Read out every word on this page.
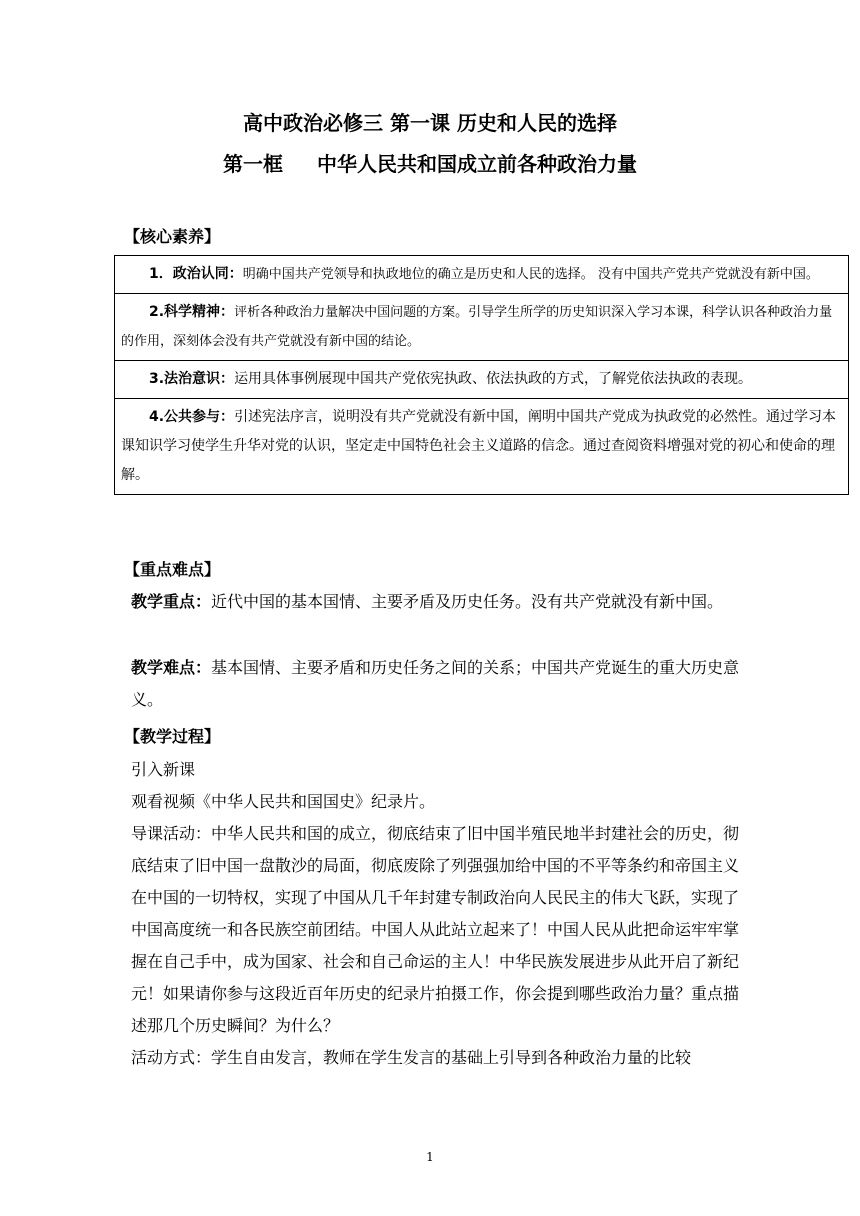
高中政治必修三 第一课 历史和人民的选择
第一框 中华人民共和国成立前各种政治力量
【核心素养】
1．政治认同：明确中国共产党领导和执政地位的确立是历史和人民的选择。 没有中国共产党共产党就没有新中国。
2.科学精神：评析各种政治力量解决中国问题的方案。引导学生所学的历史知识深入学习本课，科学认识各种政治力量的作用，深刻体会没有共产党就没有新中国的结论。
3.法治意识：运用具体事例展现中国共产党依宪执政、依法执政的方式，了解党依法执政的表现。
4.公共参与：引述宪法序言，说明没有共产党就没有新中国，阐明中国共产党成为执政党的必然性。通过学习本课知识学习使学生升华对党的认识，坚定走中国特色社会主义道路的信念。通过查阅资料增强对党的初心和使命的理解。
【重点难点】
教学重点：近代中国的基本国情、主要矛盾及历史任务。没有共产党就没有新中国。
教学难点：基本国情、主要矛盾和历史任务之间的关系；中国共产党诞生的重大历史意义。
【教学过程】
引入新课
观看视频《中华人民共和国国史》纪录片。
导课活动：中华人民共和国的成立，彻底结束了旧中国半殖民地半封建社会的历史，彻底结束了旧中国一盘散沙的局面，彻底废除了列强强加给中国的不平等条约和帝国主义在中国的一切特权，实现了中国从几千年封建专制政治向人民民主的伟大飞跃，实现了中国高度统一和各民族空前团结。中国人从此站立起来了！中国人民从此把命运牢牢掌握在自己手中，成为国家、社会和自己命运的主人！中华民族发展进步从此开启了新纪元！如果请你参与这段近百年历史的纪录片拍摄工作，你会提到哪些政治力量？重点描述那几个历史瞬间？为什么？
活动方式：学生自由发言，教师在学生发言的基础上引导到各种政治力量的比较
1
